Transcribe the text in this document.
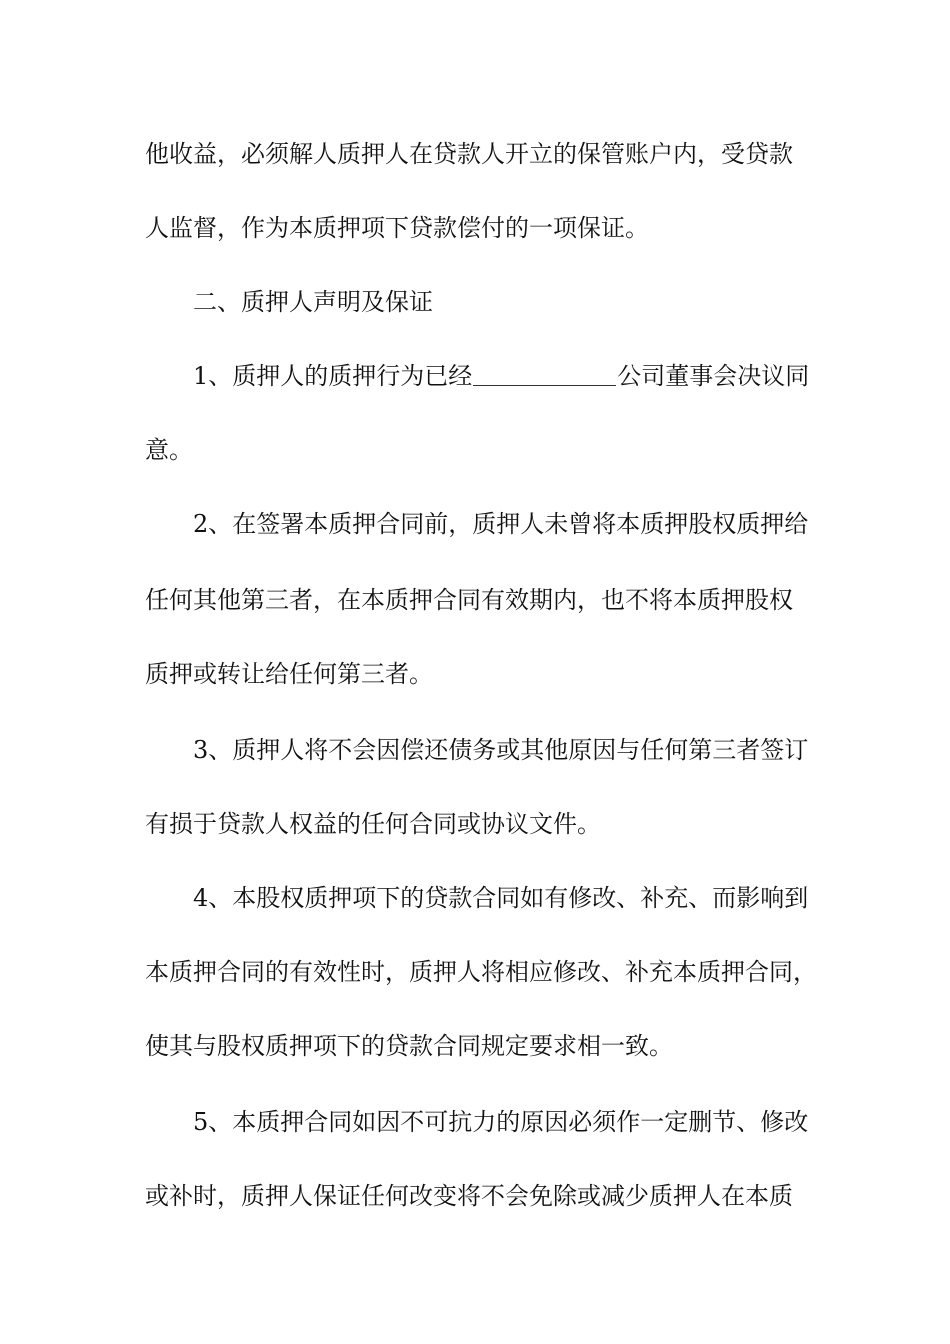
他收益，必须解人质押人在贷款人开立的保管账户内，受贷款
人监督，作为本质押项下贷款偿付的一项保证。
二、质押人声明及保证
1、质押人的质押行为已经	公司董事会决议同
意。
2、在签署本质押合同前，质押人未曾将本质押股权质押给
任何其他第三者，在本质押合同有效期内，也不将本质押股权
质押或转让给任何第三者。
3、质押人将不会因偿还债务或其他原因与任何第三者签订
有损于贷款人权益的任何合同或协议文件。
4、本股权质押项下的贷款合同如有修改、补充、而影响到
本质押合同的有效性时，质押人将相应修改、补充本质押合同，
使其与股权质押项下的贷款合同规定要求相一致。
5、本质押合同如因不可抗力的原因必须作一定删节、修改
或补时，质押人保证任何改变将不会免除或减少质押人在本质
